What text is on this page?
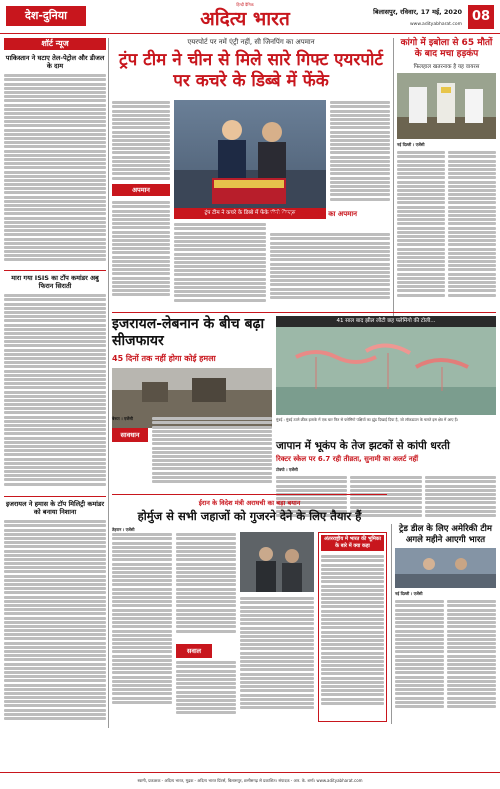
देश-दुनिया
हिन्दी दैनिक
अदित्य भारत	बिलासपुर, रविवार, 17 मई, 2020
www.adityabharat.com
08
शॉर्ट न्यूज
पाकिस्तान ने घटाए तेल-पेट्रोल और डीजल के दाम
मारा गया ISIS का टॉप कमांडर अबु फिरान सिराती
इजरायल ने हमास के टॉप मिलिट्री कमांडर को बनाया निशाना
एयरपोर्ट पर नमें एंट्री नहीं, सी जिनपिंग का अपमान
ट्रंप टीम ने चीन से मिले सारे गिफ्ट एयरपोर्ट पर कचरे के डिब्बे में फेंके
अपमान
ट्रंप टीम ने कचरे के डिब्बे में फेंके चीनी गिफ्ट्स
अमेरिका ने किया चीन का अपमान
कांगो में इबोला से 65 मौतों के बाद मचा हड़कंप
फिलहाल खतरनाक है यह वायरस
नई दिल्ली । एजेंसी
इजरायल-लेबनान के बीच बढ़ा सीजफायर
45 दिनों तक नहीं होगा कोई हमला
सावधान
बेरूत । एजेंसी
41 साल बाद झील लौटी छह फ्लेमिंगो की टोली...
मुंबई : मुंबई ठाणे क्रीक इलाके में एक बार फिर से फ्लेमिंगो पक्षियों का झुंड दिखाई दिया है, जो लॉकडाउन के चलते इस क्षेत्र में आए हैं।
जापान में भूकंप के तेज झटकों से कांपी धरती
रिक्टर स्केल पर 6.7 रही तीव्रता, सुनामी का अलर्ट नहीं
टोक्यो । एजेंसी
ईरान के विदेश मंत्री अराघची का बड़ा बयान
होर्मुज से सभी जहाजों को गुजरने देने के लिए तैयार हैं
तेहरान । एजेंसी
सवाल
अंतरराष्ट्रीय में भारत की भूमिका के बारे में क्या कहा
ट्रेड डील के लिए अमेरिकी टीम अगले महीने आएगी भारत
नई दिल्ली । एजेंसी
स्वामी, प्रकाशक - अदित्य भारत, मुद्रक - अदित्य भारत प्रिंटर्स, बिलासपुर, छत्तीसगढ़ से प्रकाशित। संपादक - आर. के. शर्मा। www.adityabharat.com
